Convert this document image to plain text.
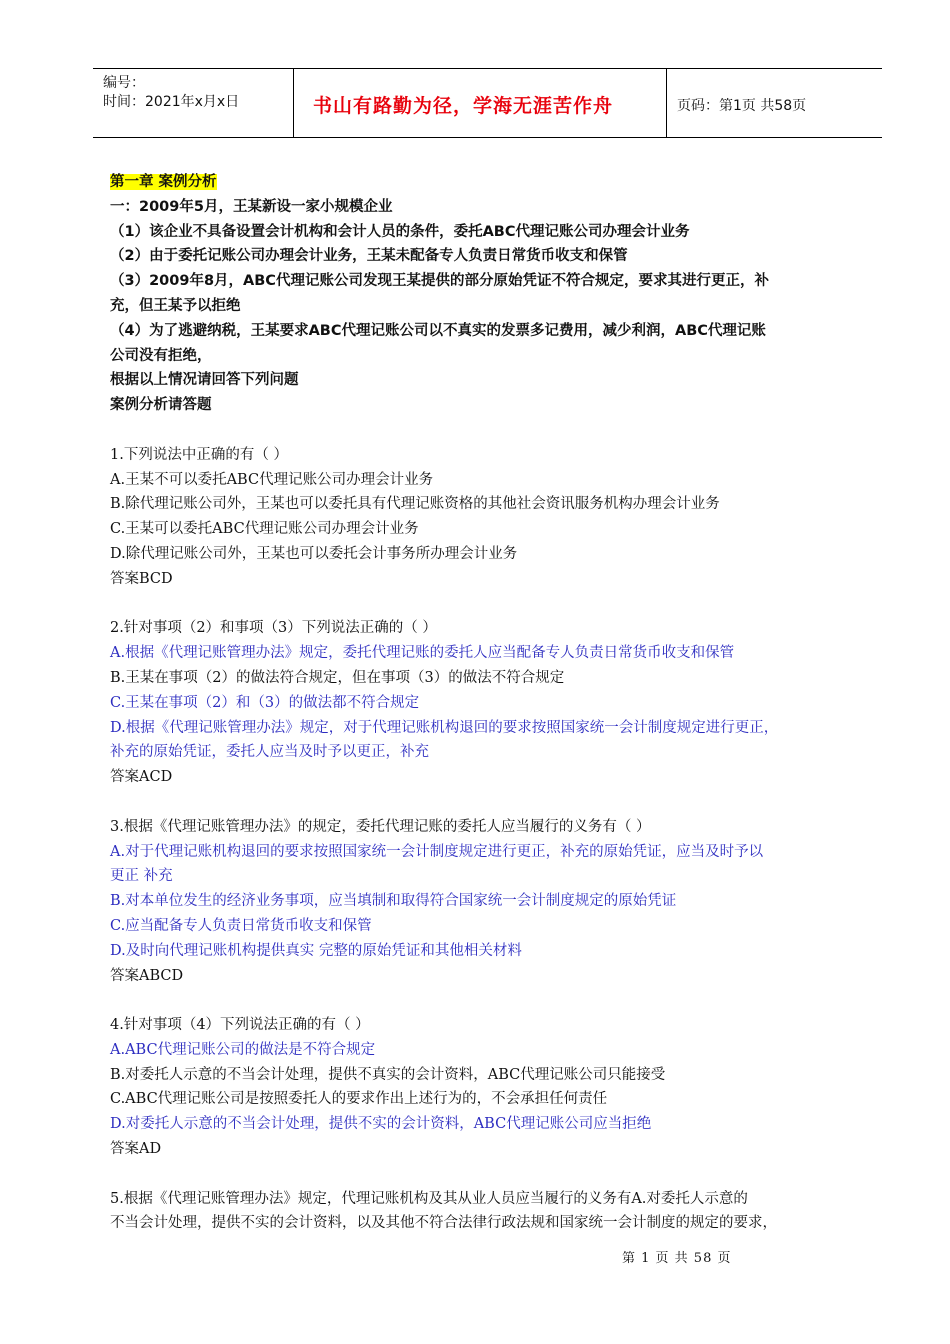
编号：
时间：2021年x月x日	书山有路勤为径，学海无涯苦作舟	页码：第1页 共58页
第一章 案例分析
一：2009年5月，王某新设一家小规模企业
（1）该企业不具备设置会计机构和会计人员的条件，委托ABC代理记账公司办理会计业务
（2）由于委托记账公司办理会计业务，王某未配备专人负责日常货币收支和保管
（3）2009年8月，ABC代理记账公司发现王某提供的部分原始凭证不符合规定，要求其进行更正，补
充，但王某予以拒绝
（4）为了逃避纳税，王某要求ABC代理记账公司以不真实的发票多记费用，减少利润，ABC代理记账
公司没有拒绝，
根据以上情况请回答下列问题
案例分析请答题
1.下列说法中正确的有（ ）
A.王某不可以委托ABC代理记账公司办理会计业务
B.除代理记账公司外，王某也可以委托具有代理记账资格的其他社会资讯服务机构办理会计业务
C.王某可以委托ABC代理记账公司办理会计业务
D.除代理记账公司外，王某也可以委托会计事务所办理会计业务
答案BCD
2.针对事项（2）和事项（3）下列说法正确的（ ）
A.根据《代理记账管理办法》规定，委托代理记账的委托人应当配备专人负责日常货币收支和保管
B.王某在事项（2）的做法符合规定，但在事项（3）的做法不符合规定
C.王某在事项（2）和（3）的做法都不符合规定
D.根据《代理记账管理办法》规定，对于代理记账机构退回的要求按照国家统一会计制度规定进行更正，
补充的原始凭证，委托人应当及时予以更正，补充
答案ACD
3.根据《代理记账管理办法》的规定，委托代理记账的委托人应当履行的义务有（ ）
A.对于代理记账机构退回的要求按照国家统一会计制度规定进行更正，补充的原始凭证，应当及时予以
更正 补充
B.对本单位发生的经济业务事项，应当填制和取得符合国家统一会计制度规定的原始凭证
C.应当配备专人负责日常货币收支和保管
D.及时向代理记账机构提供真实 完整的原始凭证和其他相关材料
答案ABCD
4.针对事项（4）下列说法正确的有（ ）
A.ABC代理记账公司的做法是不符合规定
B.对委托人示意的不当会计处理，提供不真实的会计资料，ABC代理记账公司只能接受
C.ABC代理记账公司是按照委托人的要求作出上述行为的，不会承担任何责任
D.对委托人示意的不当会计处理，提供不实的会计资料，ABC代理记账公司应当拒绝
答案AD
5.根据《代理记账管理办法》规定，代理记账机构及其从业人员应当履行的义务有A.对委托人示意的
不当会计处理，提供不实的会计资料，以及其他不符合法律行政法规和国家统一会计制度的规定的要求，
第 1 页 共 58 页
